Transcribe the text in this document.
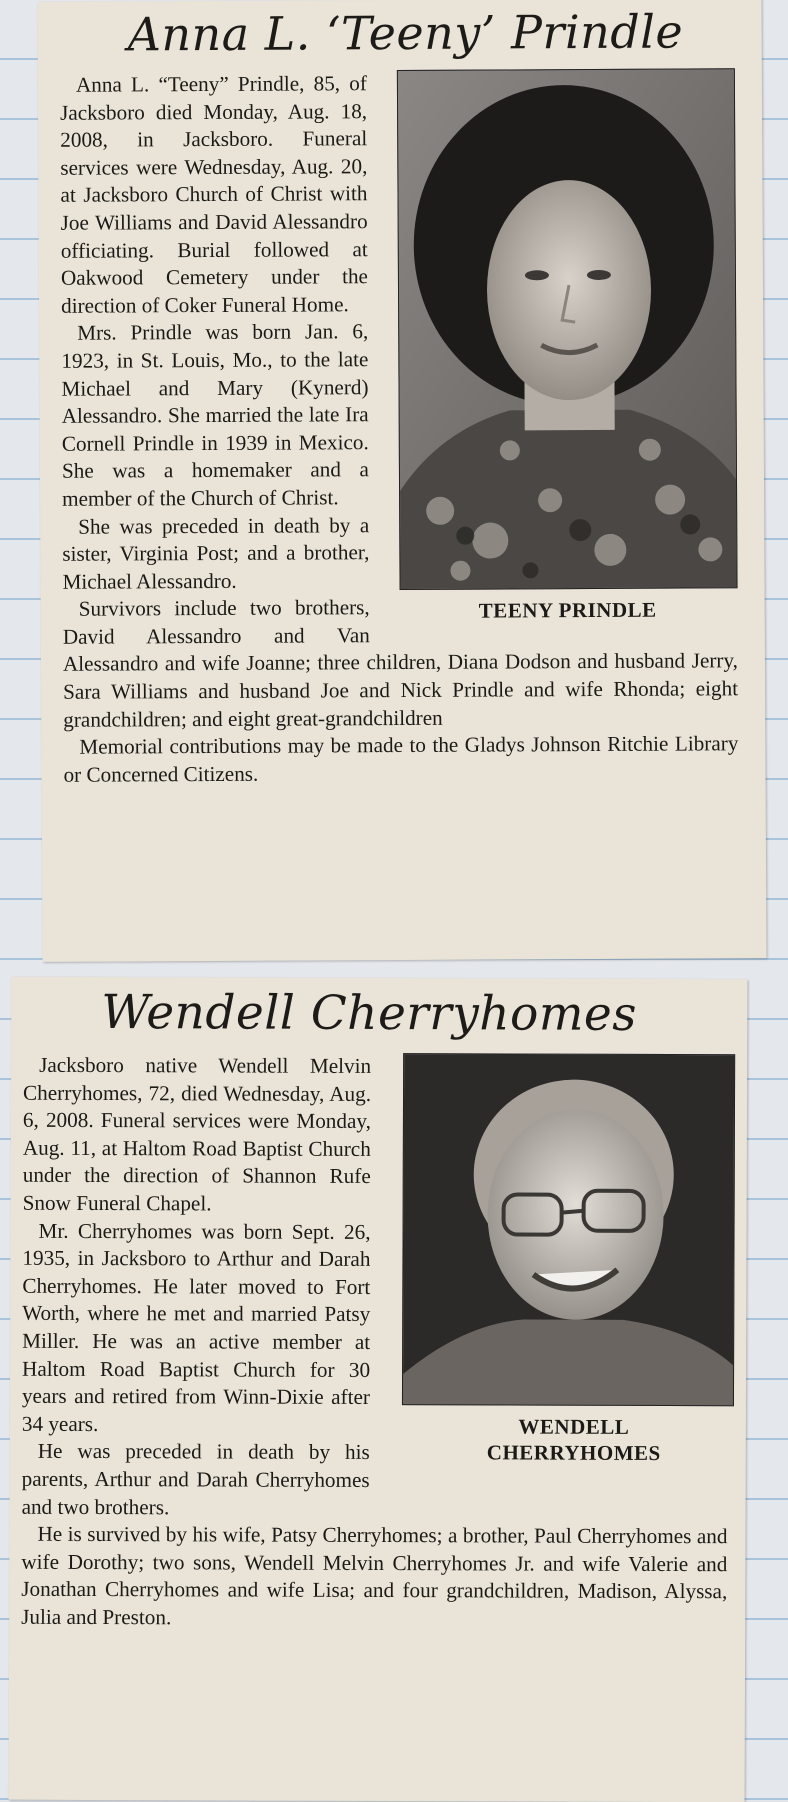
Anna L. ‘Teeny’ Prindle
TEENY PRINDLE

Anna L. “Teeny” Prindle, 85, of Jacksboro died Monday, Aug. 18, 2008, in Jacksboro. Funeral services were Wednesday, Aug. 20, at Jacksboro Church of Christ with Joe Williams and David Alessandro officiating. Burial followed at Oakwood Cemetery under the direction of Coker Funeral Home.

Mrs. Prindle was born Jan. 6, 1923, in St. Louis, Mo., to the late Michael and Mary (Kynerd) Alessandro. She married the late Ira Cornell Prindle in 1939 in Mexico. She was a homemaker and a member of the Church of Christ.

She was preceded in death by a sister, Virginia Post; and a brother, Michael Alessandro.

Survivors include two brothers, David Alessandro and Van Alessandro and wife Joanne; three children, Diana Dodson and husband Jerry, Sara Williams and husband Joe and Nick Prindle and wife Rhonda; eight grandchildren; and eight great-grandchildren

Memorial contributions may be made to the Gladys Johnson Ritchie Library or Concerned Citizens.

Wendell Cherryhomes
WENDELL
CHERRYHOMES

Jacksboro native Wendell Melvin Cherryhomes, 72, died Wednesday, Aug. 6, 2008. Funeral services were Monday, Aug. 11, at Haltom Road Baptist Church under the direction of Shannon Rufe Snow Funeral Chapel.

Mr. Cherryhomes was born Sept. 26, 1935, in Jacksboro to Arthur and Darah Cherryhomes. He later moved to Fort Worth, where he met and married Patsy Miller. He was an active member at Haltom Road Baptist Church for 30 years and retired from Winn-Dixie after 34 years.

He was preceded in death by his parents, Arthur and Darah Cherryhomes and two brothers.

He is survived by his wife, Patsy Cherryhomes; a brother, Paul Cherryhomes and wife Dorothy; two sons, Wendell Melvin Cherryhomes Jr. and wife Valerie and Jonathan Cherryhomes and wife Lisa; and four grandchildren, Madison, Alyssa, Julia and Preston.
